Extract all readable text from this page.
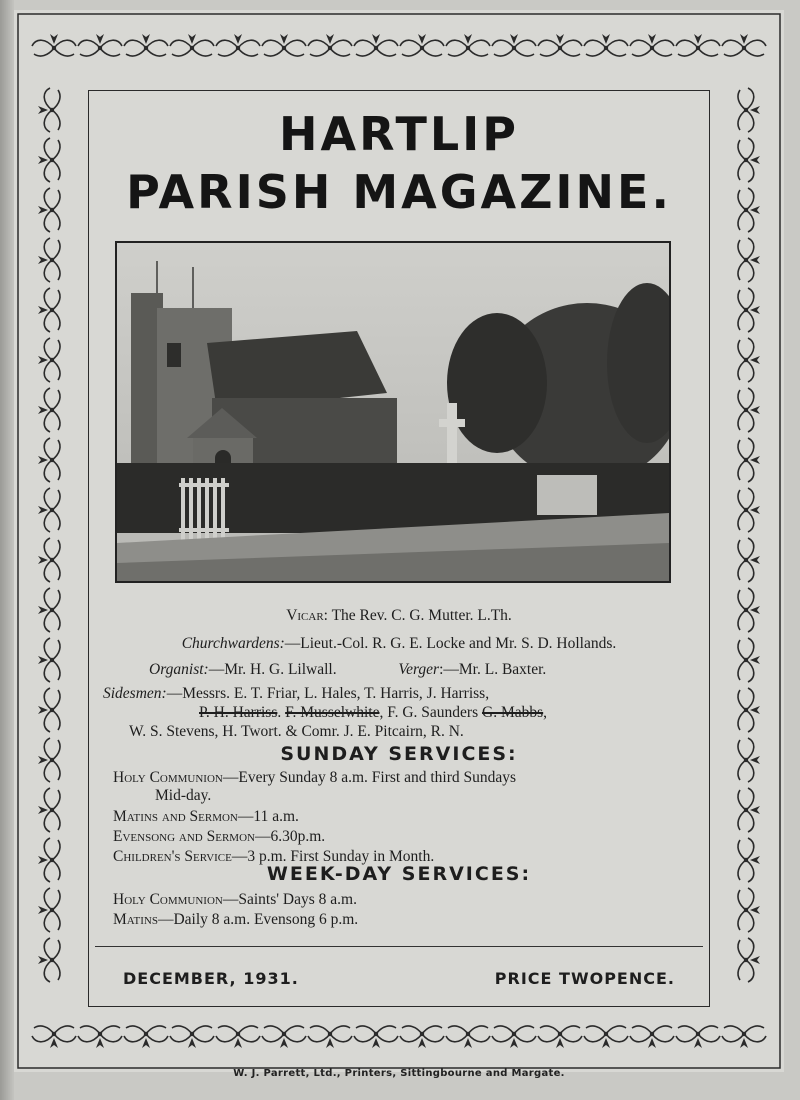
HARTLIP
PARISH MAGAZINE.
Vicar: The Rev. C. G. Mutter. L.Th.
Churchwardens:—Lieut.-Col. R. G. E. Locke and Mr. S. D. Hollands.
Organist:—Mr. H. G. Lilwall.	Verger:—Mr. L. Baxter.
Sidesmen:—Messrs. E. T. Friar, L. Hales, T. Harris, J. Harriss,
P. H. Harriss. F. Musselwhite, F. G. Saunders G. Mabbs,
W. S. Stevens, H. Twort. & Comr. J. E. Pitcairn, R. N.
SUNDAY SERVICES:
Holy Communion—Every Sunday 8 a.m. First and third Sundays
Mid-day.
Matins and Sermon—11 a.m.
Evensong and Sermon—6.30p.m.
Children's Service—3 p.m. First Sunday in Month.
WEEK-DAY SERVICES:
Holy Communion—Saints' Days 8 a.m.
Matins—Daily 8 a.m. Evensong 6 p.m.
DECEMBER, 1931.	PRICE TWOPENCE.
W. J. Parrett, Ltd., Printers, Sittingbourne and Margate.
